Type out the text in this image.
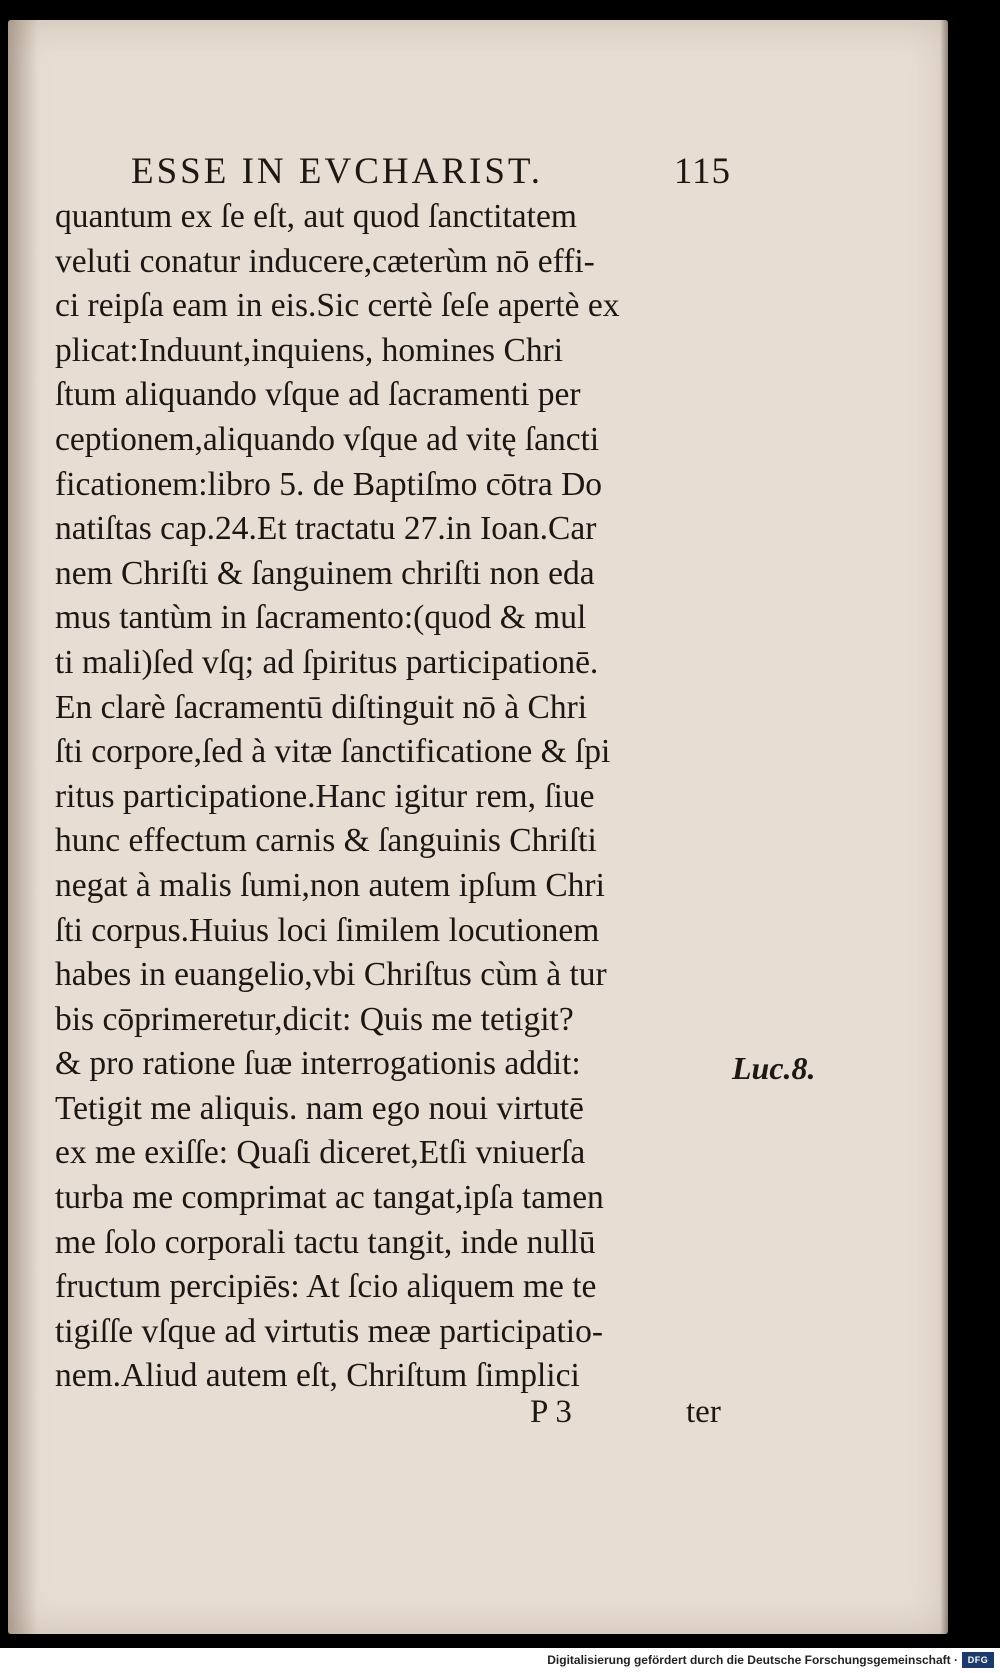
ESSE IN EVCHARIST.	115
quantum ex ſe eſt, aut quod ſanctitatem
veluti conatur inducere,cæterùm nō effi-
ci reipſa eam in eis.Sic certè ſeſe apertè ex
plicat:Induunt,inquiens, homines Chri
ſtum aliquando vſque ad ſacramenti per
ceptionem,aliquando vſque ad vitę ſancti
ficationem:libro 5. de Baptiſmo cōtra Do
natiſtas cap.24.Et tractatu 27.in Ioan.Car
nem Chriſti & ſanguinem chriſti non eda
mus tantùm in ſacramento:(quod & mul
ti mali)ſed vſq; ad ſpiritus participationē.
En clarè ſacramentū diſtinguit nō à Chri
ſti corpore,ſed à vitæ ſanctificatione & ſpi
ritus participatione.Hanc igitur rem, ſiue
hunc effectum carnis & ſanguinis Chriſti
negat à malis ſumi,non autem ipſum Chri
ſti corpus.Huius loci ſimilem locutionem
habes in euangelio,vbi Chriſtus cùm à tur
bis cōprimeretur,dicit: Quis me tetigit?
& pro ratione ſuæ interrogationis addit:
Tetigit me aliquis. nam ego noui virtutē
ex me exiſſe: Quaſi diceret,Etſi vniuerſa
turba me comprimat ac tangat,ipſa tamen
me ſolo corporali tactu tangit, inde nullū
fructum percipiēs: At ſcio aliquem me te
tigiſſe vſque ad virtutis meæ participatio-
nem.Aliud autem eſt, Chriſtum ſimplici
Luc.8.
P 3	ter
Digitalisierung gefördert durch die Deutsche Forschungsgemeinschaft ·	DFG
